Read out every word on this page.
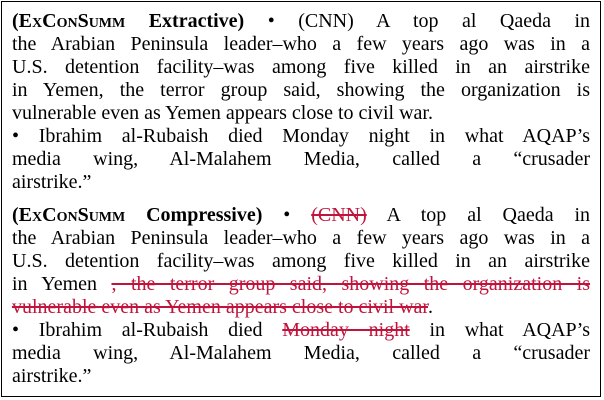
(ExConSumm Extractive) • (CNN) A top al Qaeda in
the Arabian Peninsula leader–who a few years ago was in a
U.S. detention facility–was among five killed in an airstrike
in Yemen, the terror group said, showing the organization is
vulnerable even as Yemen appears close to civil war.
• Ibrahim al-Rubaish died Monday night in what AQAP’s
media wing, Al-Malahem Media, called a “crusader
airstrike.”
(ExConSumm Compressive) • (CNN) A top al Qaeda in
the Arabian Peninsula leader–who a few years ago was in a
U.S. detention facility–was among five killed in an airstrike
in Yemen , the terror group said, showing the organization is
vulnerable even as Yemen appears close to civil war.
• Ibrahim al-Rubaish died Monday night in what AQAP’s
media wing, Al-Malahem Media, called a “crusader
airstrike.”
